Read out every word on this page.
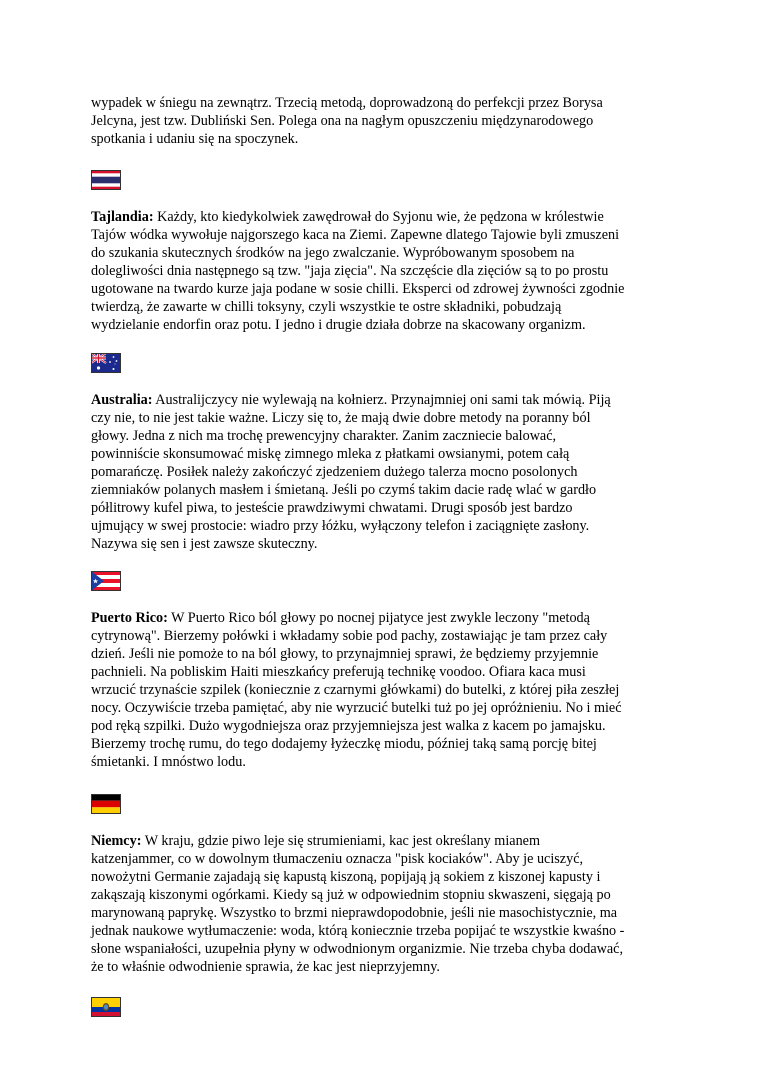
wypadek w śniegu na zewnątrz. Trzecią metodą, doprowadzoną do perfekcji przez Borysa
Jelcyna, jest tzw. Dubliński Sen. Polega ona na nagłym opuszczeniu międzynarodowego
spotkania i udaniu się na spoczynek.

Tajlandia: Każdy, kto kiedykolwiek zawędrował do Syjonu wie, że pędzona w królestwie
Tajów wódka wywołuje najgorszego kaca na Ziemi. Zapewne dlatego Tajowie byli zmuszeni
do szukania skutecznych środków na jego zwalczanie. Wypróbowanym sposobem na
dolegliwości dnia następnego są tzw. "jaja zięcia". Na szczęście dla zięciów są to po prostu
ugotowane na twardo kurze jaja podane w sosie chilli. Eksperci od zdrowej żywności zgodnie
twierdzą, że zawarte w chilli toksyny, czyli wszystkie te ostre składniki, pobudzają
wydzielanie endorfin oraz potu. I jedno i drugie działa dobrze na skacowany organizm.

Australia: Australijczycy nie wylewają na kołnierz. Przynajmniej oni sami tak mówią. Piją
czy nie, to nie jest takie ważne. Liczy się to, że mają dwie dobre metody na poranny ból
głowy. Jedna z nich ma trochę prewencyjny charakter. Zanim zaczniecie balować,
powinniście skonsumować miskę zimnego mleka z płatkami owsianymi, potem całą
pomarańczę. Posiłek należy zakończyć zjedzeniem dużego talerza mocno posolonych
ziemniaków polanych masłem i śmietaną. Jeśli po czymś takim dacie radę wlać w gardło
półlitrowy kufel piwa, to jesteście prawdziwymi chwatami. Drugi sposób jest bardzo
ujmujący w swej prostocie: wiadro przy łóżku, wyłączony telefon i zaciągnięte zasłony.
Nazywa się sen i jest zawsze skuteczny.

Puerto Rico: W Puerto Rico ból głowy po nocnej pijatyce jest zwykle leczony "metodą
cytrynową". Bierzemy połówki i wkładamy sobie pod pachy, zostawiając je tam przez cały
dzień. Jeśli nie pomoże to na ból głowy, to przynajmniej sprawi, że będziemy przyjemnie
pachnieli. Na pobliskim Haiti mieszkańcy preferują technikę voodoo. Ofiara kaca musi
wrzucić trzynaście szpilek (koniecznie z czarnymi główkami) do butelki, z której piła zeszłej
nocy. Oczywiście trzeba pamiętać, aby nie wyrzucić butelki tuż po jej opróżnieniu. No i mieć
pod ręką szpilki. Dużo wygodniejsza oraz przyjemniejsza jest walka z kacem po jamajsku.
Bierzemy trochę rumu, do tego dodajemy łyżeczkę miodu, później taką samą porcję bitej
śmietanki. I mnóstwo lodu.

Niemcy: W kraju, gdzie piwo leje się strumieniami, kac jest określany mianem
katzenjammer, co w dowolnym tłumaczeniu oznacza "pisk kociaków". Aby je uciszyć,
nowożytni Germanie zajadają się kapustą kiszoną, popijają ją sokiem z kiszonej kapusty i
zakąszają kiszonymi ogórkami. Kiedy są już w odpowiednim stopniu skwaszeni, sięgają po
marynowaną paprykę. Wszystko to brzmi nieprawdopodobnie, jeśli nie masochistycznie, ma
jednak naukowe wytłumaczenie: woda, którą koniecznie trzeba popijać te wszystkie kwaśno -
słone wspaniałości, uzupełnia płyny w odwodnionym organizmie. Nie trzeba chyba dodawać,
że to właśnie odwodnienie sprawia, że kac jest nieprzyjemny.
